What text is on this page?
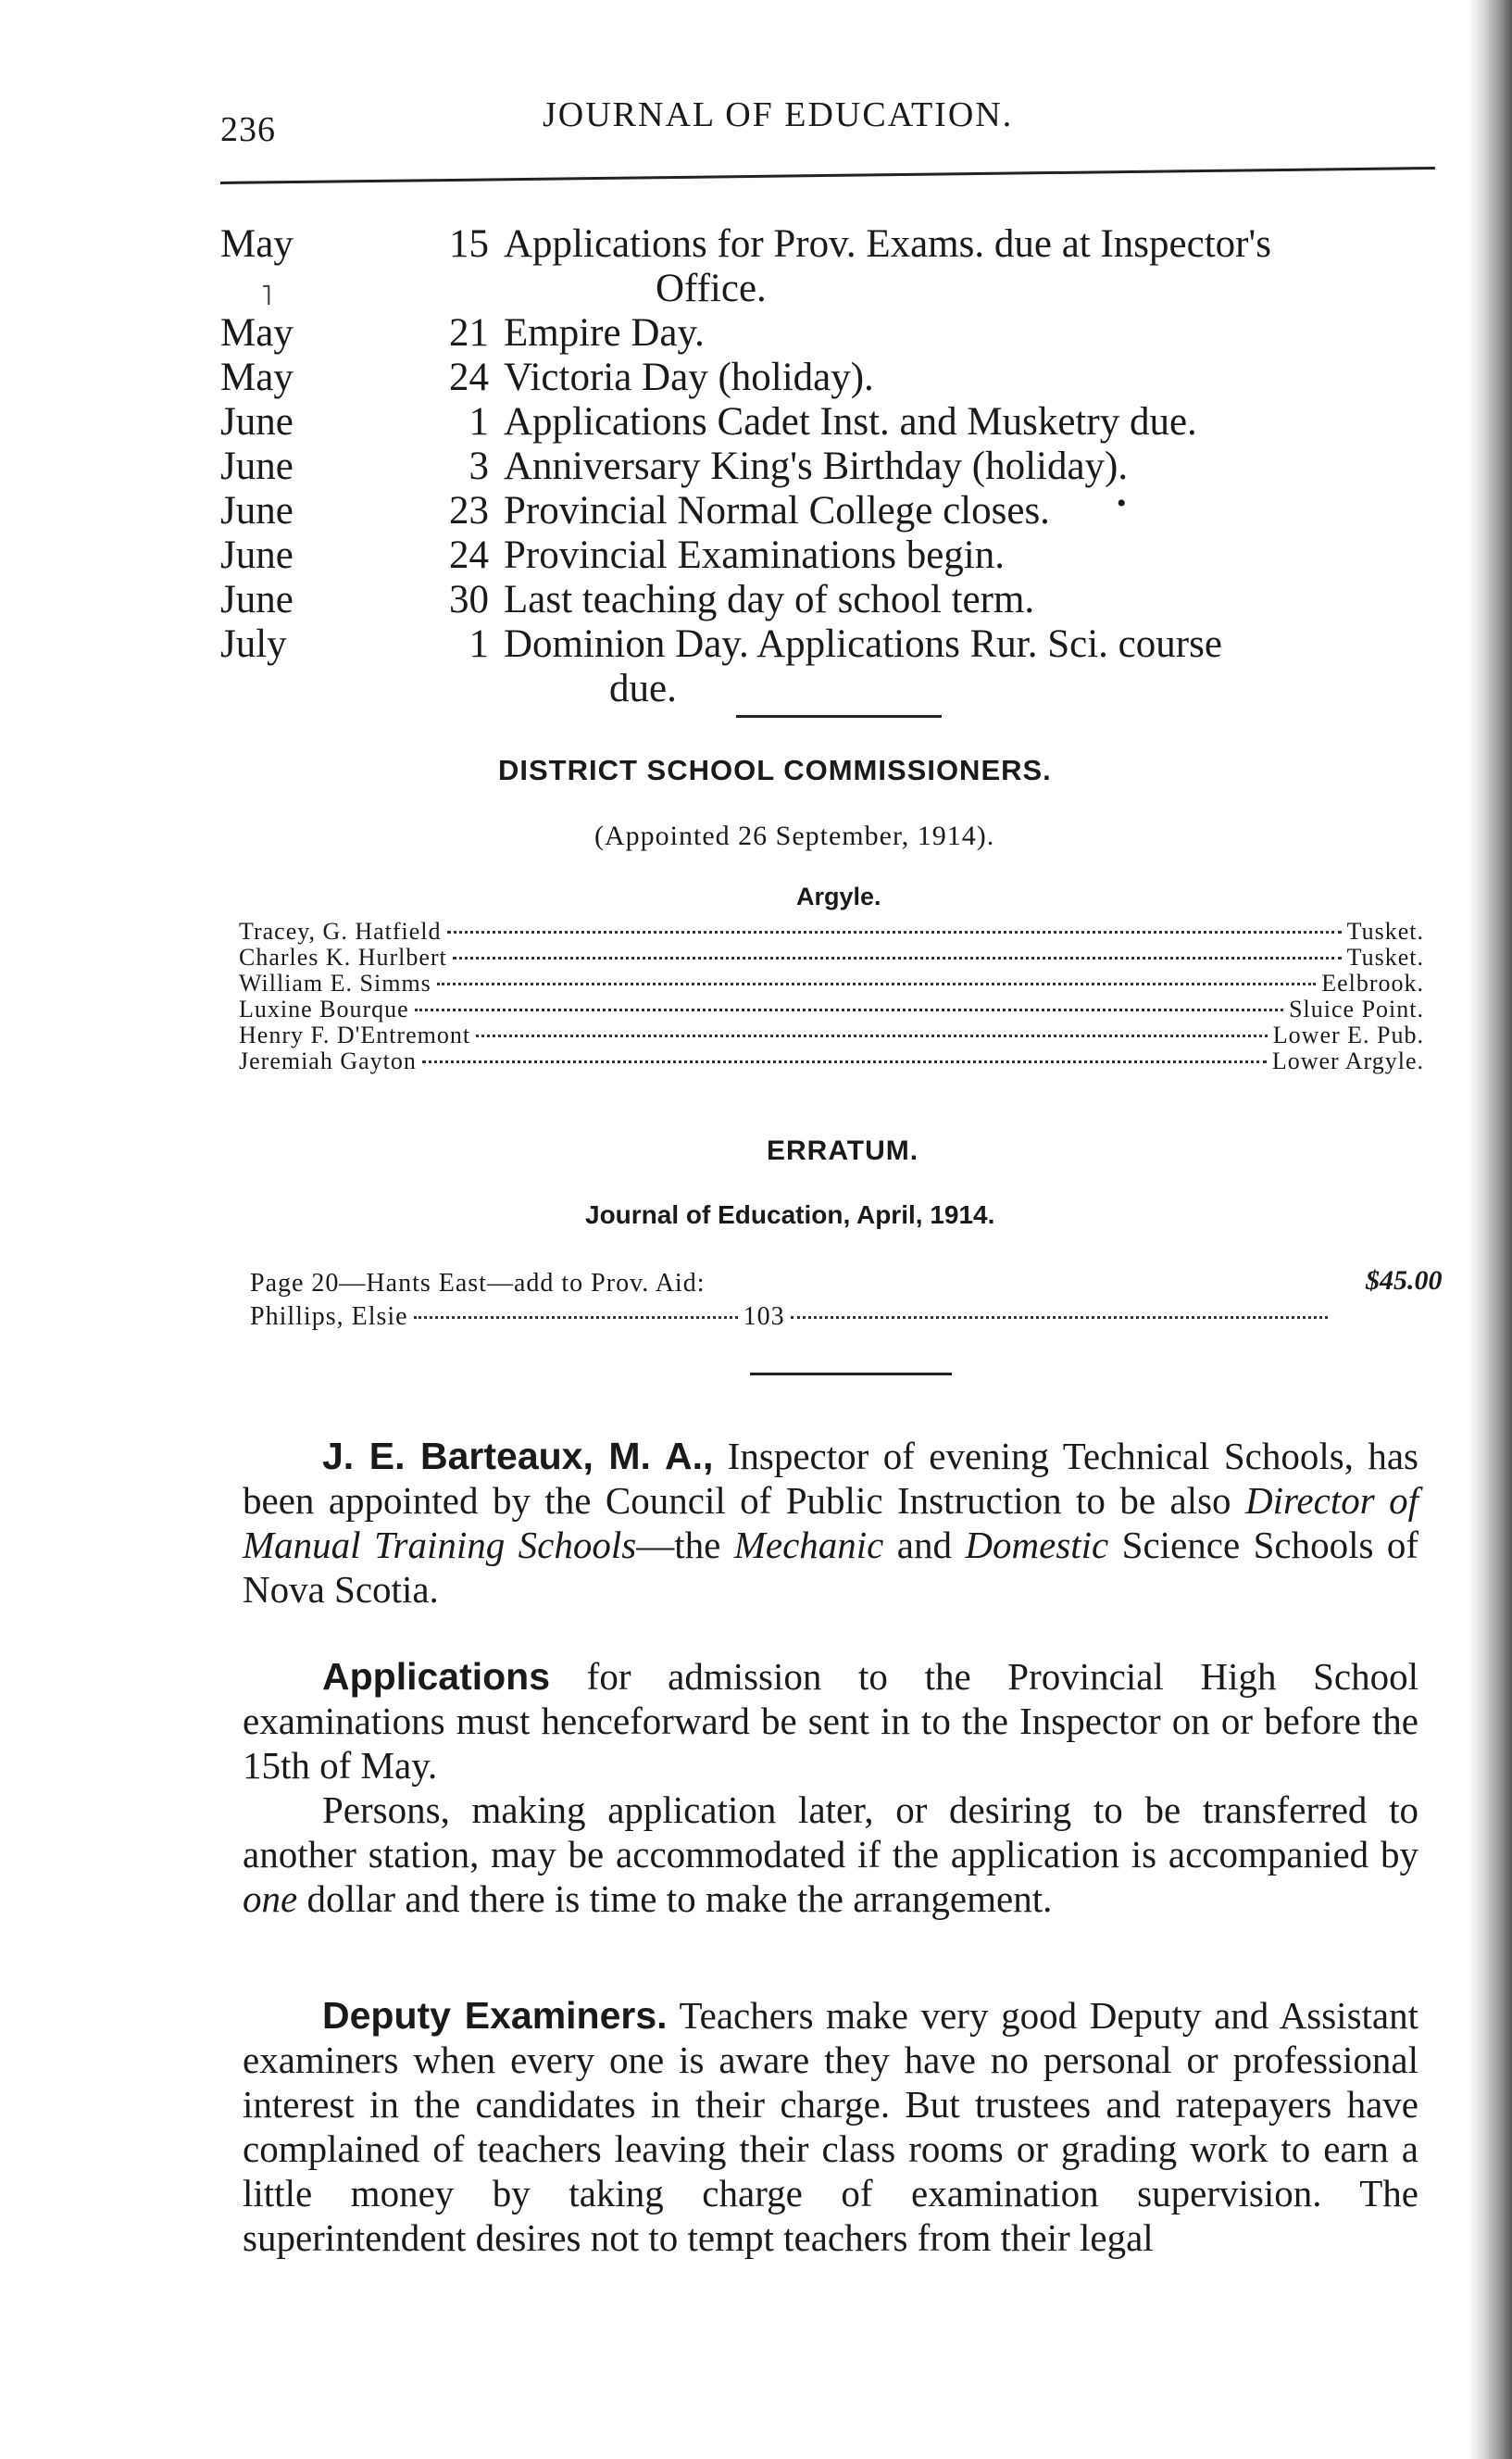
236	JOURNAL OF EDUCATION.
May	15 Applications for Prov. Exams. due at Inspector's
˥	Office.
May	21 Empire Day.
May	24 Victoria Day (holiday).
June	1 Applications Cadet Inst. and Musketry due.
June	3 Anniversary King's Birthday (holiday).
June	23 Provincial Normal College closes. •
June	24 Provincial Examinations begin.
June	30 Last teaching day of school term.
July	1 Dominion Day. Applications Rur. Sci. course
due.
DISTRICT SCHOOL COMMISSIONERS.
(Appointed 26 September, 1914).
Argyle.
Tracey, G. Hatfield	Tusket.
Charles K. Hurlbert	Tusket.
William E. Simms	Eelbrook.
Luxine Bourque	Sluice Point.
Henry F. D'Entremont	Lower E. Pub.
Jeremiah Gayton	Lower Argyle.
ERRATUM.
Journal of Education, April, 1914.
Page 20—Hants East—add to Prov. Aid:
Phillips, Elsie	103
$45.00
J. E. Barteaux, M. A., Inspector of evening Technical Schools, has been appointed by the Council of Public Instruction to be also Director of Manual Training Schools—the Mechanic and Domestic Science Schools of Nova Scotia.
Applications for admission to the Provincial High School examinations must henceforward be sent in to the Inspector on or before the 15th of May.
Persons, making application later, or desiring to be transferred to another station, may be accommodated if the application is accompanied by one dollar and there is time to make the arrangement.
Deputy Examiners. Teachers make very good Deputy and Assistant examiners when every one is aware they have no personal or professional interest in the candidates in their charge. But trustees and ratepayers have complained of teachers leaving their class rooms or grading work to earn a little money by taking charge of examination supervision. The superintendent desires not to tempt teachers from their legal
